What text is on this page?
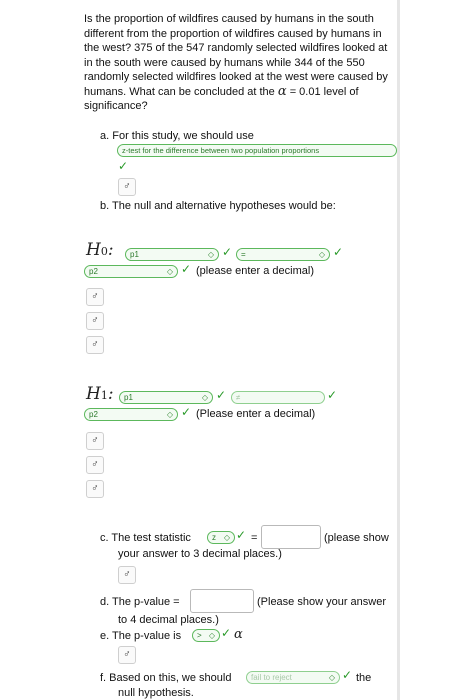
Is the proportion of wildfires caused by humans in the south different from the proportion of wildfires caused by humans in the west? 375 of the 547 randomly selected wildfires looked at in the south were caused by humans while 344 of the 550 randomly selected wildfires looked at the west were caused by humans. What can be concluded at the α = 0.01 level of significance?
a. For this study, we should use
z-test for the difference between two population proportions
✓
♂
b. The null and alternative hypotheses would be:
H0:	p1	◇ ✓	=	◇ ✓
p2	◇ ✓ (please enter a decimal)
♂
♂
♂
H1:	p1	◇ ✓	≠	✓
p2	◇ ✓ (Please enter a decimal)
♂
♂
♂
c. The test statistic	z ◇ ✓ =	(please show
your answer to 3 decimal places.)
♂
d. The p-value =	(Please show your answer
to 4 decimal places.)
e. The p-value is	> ◇ ✓ α
♂
f. Based on this, we should	fail to reject	◇ ✓ the
null hypothesis.
